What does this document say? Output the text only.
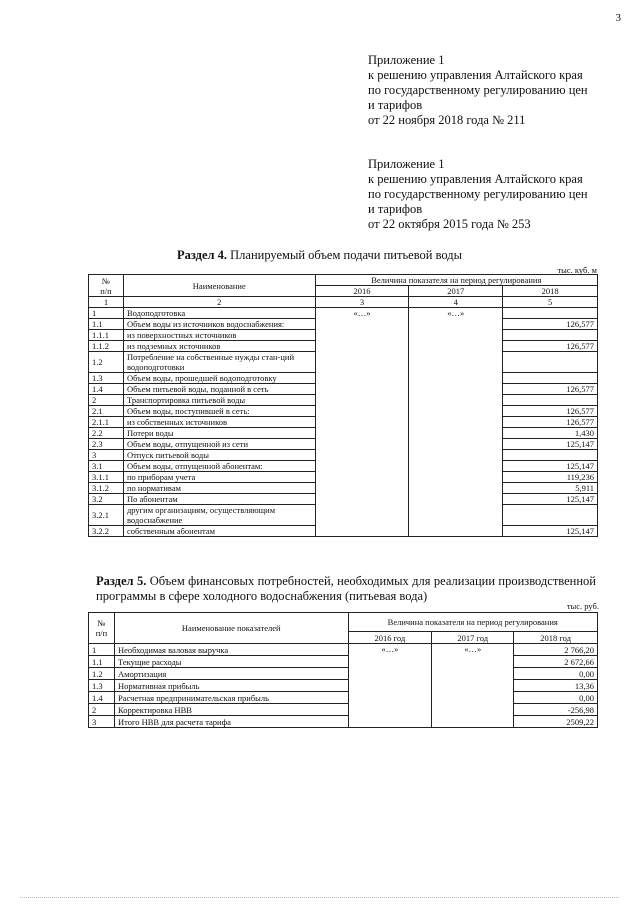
3
Приложение 1
к решению управления Алтайского края
по государственному регулированию цен
и тарифов
от 22 ноября 2018 года № 211
Приложение 1
к решению управления Алтайского края
по государственному регулированию цен
и тарифов
от 22 октября 2015 года № 253
Раздел 4. Планируемый объем подачи питьевой воды
тыс. куб. м
№
п/п	Наименование	Величина показателя на период регулирования		
		2016	2017	2018
1	2	3	4	5
1	Водоподготовка	«…»	«…»	
1.1	Объем воды из источников водоснабжения:			126,577
1.1.1	из поверхностных источников			
1.1.2	из подземных источников			126,577
1.2	Потребление на собственные нужды стан-ций водоподготовки			
1.3	Объем воды, прошедшей водоподготовку			
1.4	Объем питьевой воды, поданной в сеть			126,577
2	Транспортировка питьевой воды			
2.1	Объем воды, поступившей в сеть:			126,577
2.1.1	из собственных источников			126,577
2.2	Потери воды			1,430
2.3	Объем воды, отпущенной из сети			125,147
3	Отпуск питьевой воды			
3.1	Объем воды, отпущенной абонентам:			125,147
3.1.1	по приборам учета			119,236
3.1.2	по нормативам			5,911
3.2	По абонентам			125,147
3.2.1	другим организациям, осуществляющим водоснабжение			
3.2.2	собственным абонентам			125,147
Раздел 5. Объем финансовых потребностей, необходимых для реализации производственной программы в сфере холодного водоснабжения (питьевая вода)
тыс. руб.
№
п/п	Наименование показателей	Величина показателя на период регулирования		
		2016 год	2017 год	2018 год
1	Необходимая валовая выручка	«…»	«…»	2 766,20
1.1	Текущие расходы			2 672,66
1.2	Амортизация			0,00
1.3	Нормативная прибыль			13,36
1.4	Расчетная предпринимательская прибыль			0,00
2	Корректировка НВВ			-256,98
3	Итого НВВ для расчета тарифа			2509,22
